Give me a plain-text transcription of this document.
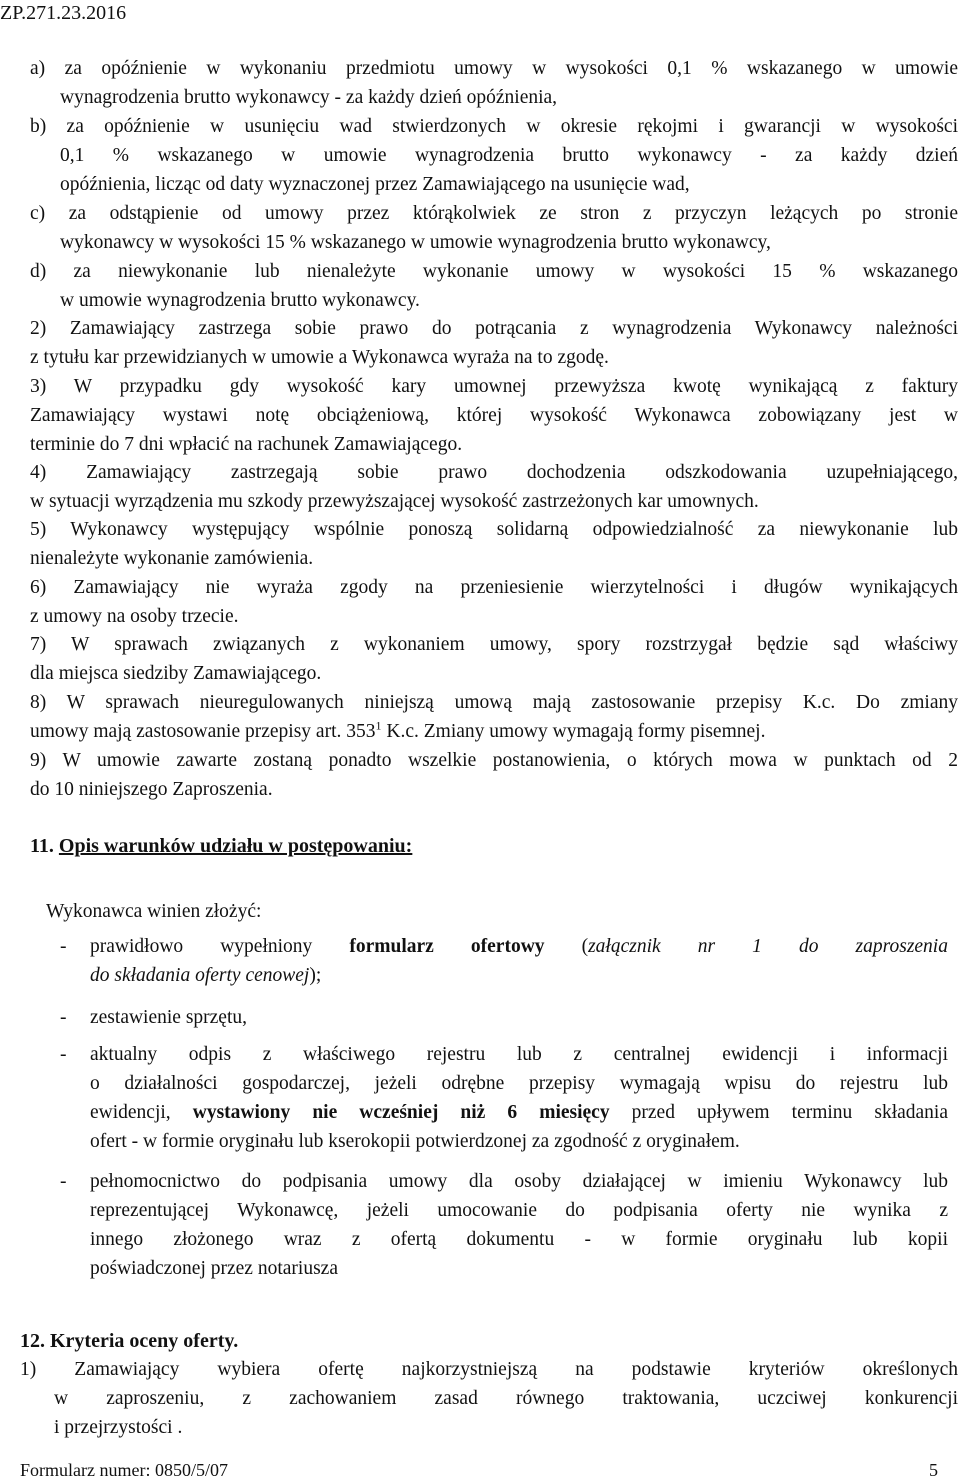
ZP.271.23.2016
a) za opóźnienie w wykonaniu przedmiotu umowy w wysokości 0,1 % wskazanego w umowie
wynagrodzenia brutto wykonawcy - za każdy dzień opóźnienia,
b) za opóźnienie w usunięciu wad stwierdzonych w okresie rękojmi i gwarancji w wysokości
0,1 % wskazanego w umowie wynagrodzenia brutto wykonawcy - za każdy dzień
opóźnienia, licząc od daty wyznaczonej przez Zamawiającego na usunięcie wad,
c) za odstąpienie od umowy przez którąkolwiek ze stron z przyczyn leżących po stronie
wykonawcy w wysokości 15 % wskazanego w umowie wynagrodzenia brutto wykonawcy,
d) za niewykonanie lub nienależyte wykonanie umowy w wysokości 15 % wskazanego
w umowie wynagrodzenia brutto wykonawcy.
2) Zamawiający zastrzega sobie prawo do potrącania z wynagrodzenia Wykonawcy należności
z tytułu kar przewidzianych w umowie a Wykonawca wyraża na to zgodę.
3) W przypadku gdy wysokość kary umownej przewyższa kwotę wynikającą z faktury
Zamawiający wystawi notę obciążeniową, której wysokość Wykonawca zobowiązany jest w
terminie do 7 dni wpłacić na rachunek Zamawiającego.
4) Zamawiający zastrzegają sobie prawo dochodzenia odszkodowania uzupełniającego,
w sytuacji wyrządzenia mu szkody przewyższającej wysokość zastrzeżonych kar umownych.
5) Wykonawcy występujący wspólnie ponoszą solidarną odpowiedzialność za niewykonanie lub
nienależyte wykonanie zamówienia.
6) Zamawiający nie wyraża zgody na przeniesienie wierzytelności i długów wynikających
z umowy na osoby trzecie.
7) W sprawach związanych z wykonaniem umowy, spory rozstrzygał będzie sąd właściwy
dla miejsca siedziby Zamawiającego.
8) W sprawach nieuregulowanych niniejszą umową mają zastosowanie przepisy K.c. Do zmiany
umowy mają zastosowanie przepisy art. $353^1$ K.c. Zmiany umowy wymagają formy pisemnej.
9) W umowie zawarte zostaną ponadto wszelkie postanowienia, o których mowa w punktach od 2
do 10 niniejszego Zaproszenia.
11. Opis warunków udziału w postępowaniu:
Wykonawca winien złożyć:
- prawidłowo wypełniony formularz ofertowy (załącznik nr 1 do zaproszenia
do składania oferty cenowej);
- zestawienie sprzętu,
- aktualny odpis z właściwego rejestru lub z centralnej ewidencji i informacji
o działalności gospodarczej, jeżeli odrębne przepisy wymagają wpisu do rejestru lub
ewidencji, wystawiony nie wcześniej niż 6 miesięcy przed upływem terminu składania
ofert - w formie oryginału lub kserokopii potwierdzonej za zgodność z oryginałem.
- pełnomocnictwo do podpisania umowy dla osoby działającej w imieniu Wykonawcy lub
reprezentującej Wykonawcę, jeżeli umocowanie do podpisania oferty nie wynika z
innego złożonego wraz z ofertą dokumentu - w formie oryginału lub kopii
poświadczonej przez notariusza
12. Kryteria oceny oferty.
1) Zamawiający wybiera ofertę najkorzystniejszą na podstawie kryteriów określonych
w zaproszeniu, z zachowaniem zasad równego traktowania, uczciwej konkurencji
i przejrzystości .
Formularz numer: 0850/5/07	5
